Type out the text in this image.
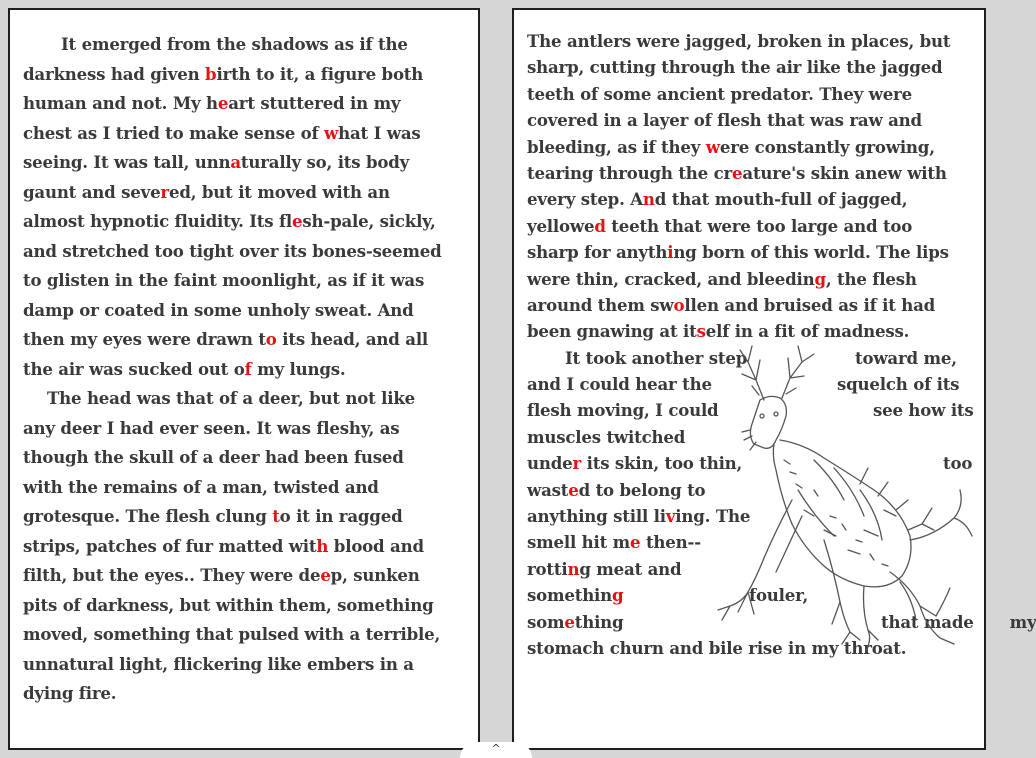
It emerged from the shadows as if the
darkness had given birth to it, a figure both
human and not. My heart stuttered in my
chest as I tried to make sense of what I was
seeing. It was tall, unnaturally so, its body
gaunt and severed, but it moved with an
almost hypnotic fluidity. Its flesh-pale, sickly,
and stretched too tight over its bones-seemed
to glisten in the faint moonlight, as if it was
damp or coated in some unholy sweat. And
then my eyes were drawn to its head, and all
the air was sucked out of my lungs.
The head was that of a deer, but not like
any deer I had ever seen. It was fleshy, as
though the skull of a deer had been fused
with the remains of a man, twisted and
grotesque. The flesh clung to it in ragged
strips, patches of fur matted with blood and
filth, but the eyes.. They were deep, sunken
pits of darkness, but within them, something
moved, something that pulsed with a terrible,
unnatural light, flickering like embers in a
dying fire.
The antlers were jagged, broken in places, but
sharp, cutting through the air like the jagged
teeth of some ancient predator. They were
covered in a layer of flesh that was raw and
bleeding, as if they were constantly growing,
tearing through the creature's skin anew with
every step. And that mouth-full of jagged,
yellowed teeth that were too large and too
sharp for anything born of this world. The lips
were thin, cracked, and bleeding, the flesh
around them swollen and bruised as if it had
been gnawing at itself in a fit of madness.
It took another step	toward me,
and I could hear the	squelch of its
flesh moving, I could	see how its
muscles twitched
under its skin, too thin,	too
wasted to belong to
anything still living. The
smell hit me then--
rotting meat and
something	fouler,
something	that made my
stomach churn and bile rise in my throat.
^
